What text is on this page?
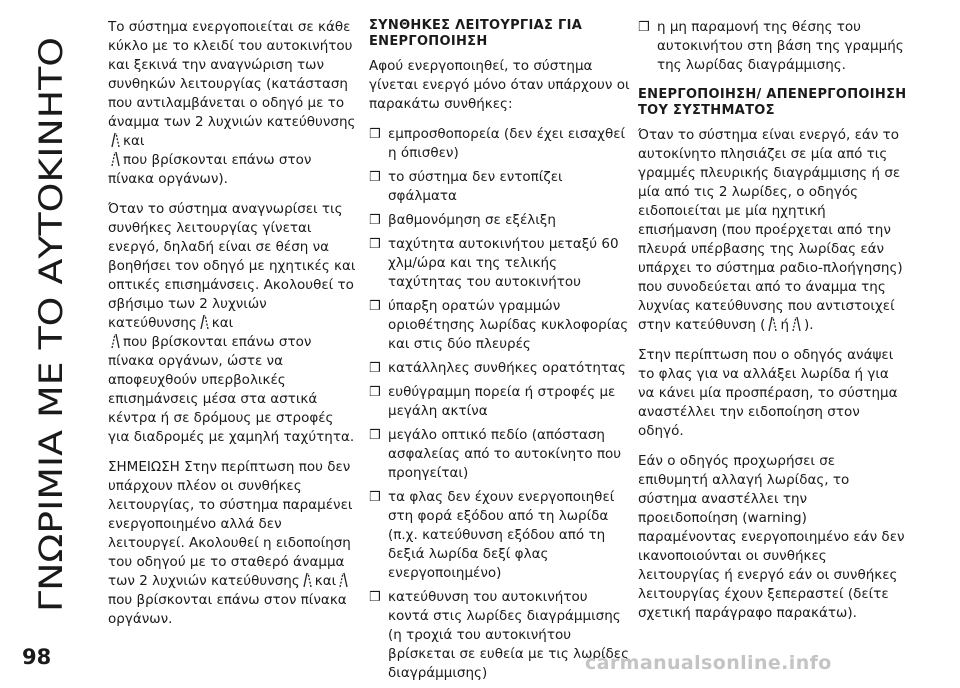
ΓΝΩΡΙΜΙΑ ΜΕ ΤΟ ΑΥΤΟΚΙΝΗΤΟ

Το σύστημα ενεργοποιείται σε κάθε κύκλο με το κλειδί του αυτοκινήτου και ξεκινά την αναγνώριση των συνθηκών λειτουργίας (κατάσταση που αντιλαμβάνεται ο οδηγό με το άναμμα των 2 λυχνιών κατεύθυνσηςκαι
που βρίσκονται επάνω στον πίνακα οργάνων).

Όταν το σύστημα αναγνωρίσει τις συνθήκες λειτουργίας γίνεται ενεργό, δηλαδή είναι σε θέση να βοηθήσει τον οδηγό με ηχητικές και οπτικές επισημάνσεις. Ακολουθεί το σβήσιμο των 2 λυχνιών κατεύθυνσης και
που βρίσκονται επάνω στον πίνακα οργάνων, ώστε να αποφευχθούν υπερβολικές επισημάνσεις μέσα στα αστικά κέντρα ή σε δρόμους με στροφές για διαδρομές με χαμηλή ταχύτητα.

ΣΗΜΕΙΩΣΗ Στην περίπτωση που δεν υπάρχουν πλέον οι συνθήκες λειτουργίας, το σύστημα παραμένει ενεργοποιημένο αλλά δεν λειτουργεί. Ακολουθεί η ειδοποίηση του οδηγού με το σταθερό άναμμα των 2 λυχνιών κατεύθυνσης καιπου βρίσκονται επάνω στον πίνακα οργάνων.

ΣΥΝΘΗΚΕΣ ΛΕΙΤΟΥΡΓΙΑΣ ΓΙΑ ΕΝΕΡΓΟΠΟΙΗΣΗ

Αφού ενεργοποιηθεί, το σύστημα γίνεται ενεργό μόνο όταν υπάρχουν οι παρακάτω συνθήκες:

❒ εμπροσθοπορεία (δεν έχει εισαχθεί η όπισθεν)
❒ το σύστημα δεν εντοπίζει σφάλματα
❒ βαθμονόμηση σε εξέλιξη
❒ ταχύτητα αυτοκινήτου μεταξύ 60 χλμ/ώρα και της τελικής ταχύτητας του αυτοκινήτου
❒ ύπαρξη ορατών γραμμών οριοθέτησης λωρίδας κυκλοφορίας και στις δύο πλευρές
❒ κατάλληλες συνθήκες ορατότητας
❒ ευθύγραμμη πορεία ή στροφές με μεγάλη ακτίνα
❒ μεγάλο οπτικό πεδίο (απόσταση ασφαλείας από το αυτοκίνητο που προηγείται)
❒ τα φλας δεν έχουν ενεργοποιηθεί στη φορά εξόδου από τη λωρίδα (π.χ. κατεύθυνση εξόδου από τη δεξιά λωρίδα δεξί φλας ενεργοποιημένο)
❒ κατεύθυνση του αυτοκινήτου κοντά στις λωρίδες διαγράμμισης (η τροχιά του αυτοκινήτου βρίσκεται σε ευθεία με τις λωρίδες διαγράμμισης)
❒ η μη παραμονή της θέσης του αυτοκινήτου στη βάση της γραμμής της λωρίδας διαγράμμισης.
ΕΝΕΡΓΟΠΟΙΗΣΗ/ ΑΠΕΝΕΡΓΟΠΟΙΗΣΗ ΤΟΥ ΣΥΣΤΗΜΑΤΟΣ

Όταν το σύστημα είναι ενεργό, εάν το αυτοκίνητο πλησιάζει σε μία από τις γραμμές πλευρικής διαγράμμισης ή σε μία από τις 2 λωρίδες, ο οδηγός ειδοποιείται με μία ηχητική επισήμανση (που προέρχεται από την πλευρά υπέρβασης της λωρίδας εάν υπάρχει το σύστημα ραδιο-πλοήγησης) που συνοδεύεται από το άναμμα της λυχνίας κατεύθυνσης που αντιστοιχεί στην κατεύθυνση ( ή ).

Στην περίπτωση που ο οδηγός ανάψει το φλας για να αλλάξει λωρίδα ή για να κάνει μία προσπέραση, το σύστημα αναστέλλει την ειδοποίηση στον οδηγό.

Εάν ο οδηγός προχωρήσει σε επιθυμητή αλλαγή λωρίδας, το σύστημα αναστέλλει την προειδοποίηση (warning) παραμένοντας ενεργοποιημένο εάν δεν ικανοποιούνται οι συνθήκες λειτουργίας ή ενεργό εάν οι συνθήκες λειτουργίας έχουν ξεπεραστεί (δείτε σχετική παράγραφο παρακάτω).

98	carmanualsonline.info
